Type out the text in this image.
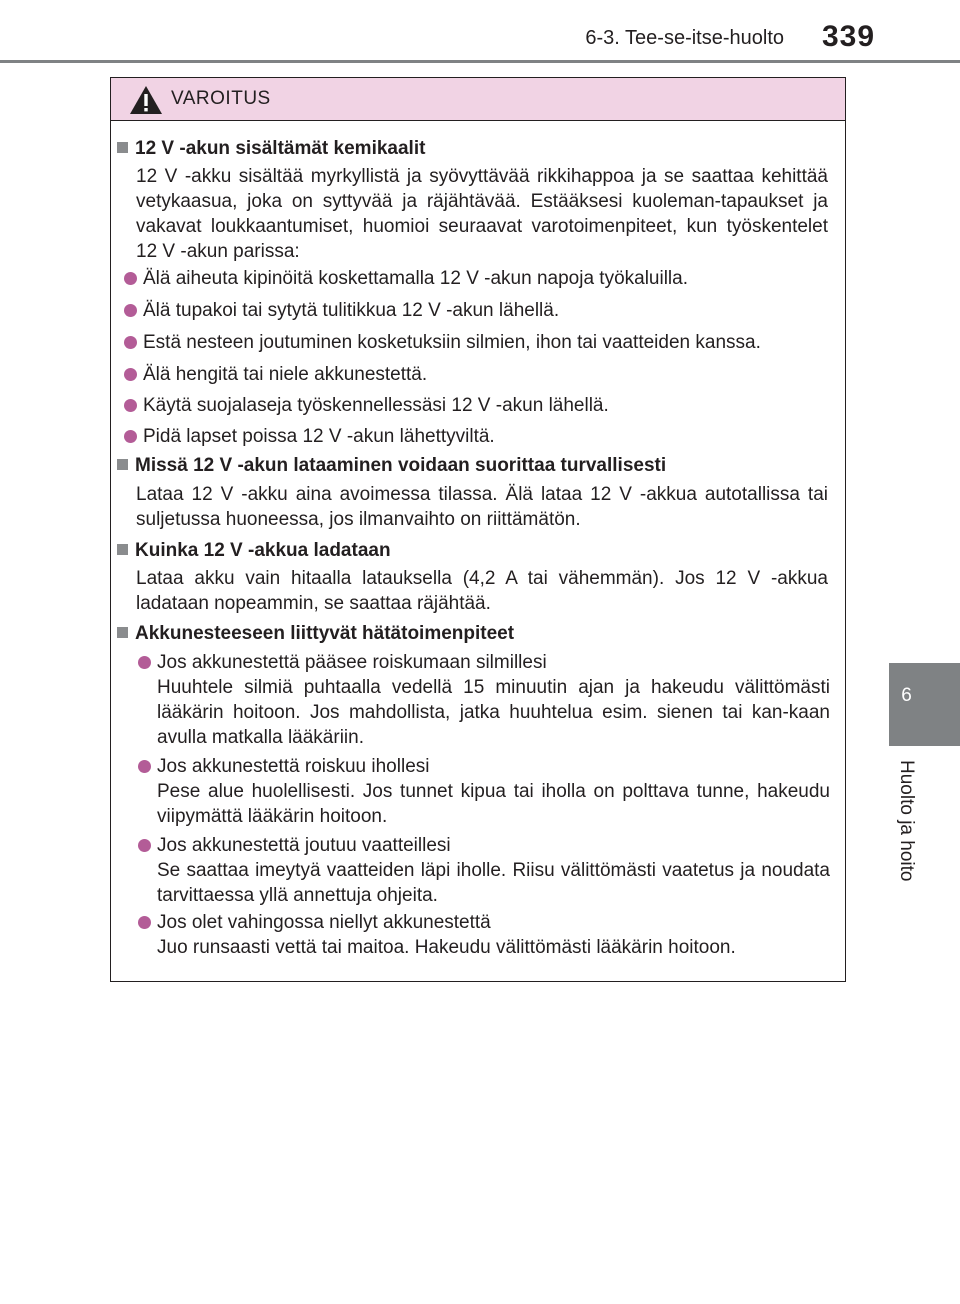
6-3. Tee-se-itse-huolto 339
6
Huolto ja hoito
VAROITUS
12 V -akun sisältämät kemikaalit
12 V -akku sisältää myrkyllistä ja syövyttävää rikkihappoa ja se saattaa kehittää vetykaasua, joka on syttyvää ja räjähtävää. Estääksesi kuoleman-tapaukset ja vakavat loukkaantumiset, huomioi seuraavat varotoimenpiteet, kun työskentelet 12 V -akun parissa:
Älä aiheuta kipinöitä koskettamalla 12 V -akun napoja työkaluilla.
Älä tupakoi tai sytytä tulitikkua 12 V -akun lähellä.
Estä nesteen joutuminen kosketuksiin silmien, ihon tai vaatteiden kanssa.
Älä hengitä tai niele akkunestettä.
Käytä suojalaseja työskennellessäsi 12 V -akun lähellä.
Pidä lapset poissa 12 V -akun lähettyviltä.
Missä 12 V -akun lataaminen voidaan suorittaa turvallisesti
Lataa 12 V -akku aina avoimessa tilassa. Älä lataa 12 V -akkua autotallissa tai suljetussa huoneessa, jos ilmanvaihto on riittämätön.
Kuinka 12 V -akkua ladataan
Lataa akku vain hitaalla latauksella (4,2 A tai vähemmän). Jos 12 V -akkua ladataan nopeammin, se saattaa räjähtää.
Akkunesteeseen liittyvät hätätoimenpiteet
Jos akkunestettä pääsee roiskumaan silmillesi
Huuhtele silmiä puhtaalla vedellä 15 minuutin ajan ja hakeudu välittömästi lääkärin hoitoon. Jos mahdollista, jatka huuhtelua esim. sienen tai kan-kaan avulla matkalla lääkäriin.
Jos akkunestettä roiskuu ihollesi
Pese alue huolellisesti. Jos tunnet kipua tai iholla on polttava tunne, hakeudu viipymättä lääkärin hoitoon.
Jos akkunestettä joutuu vaatteillesi
Se saattaa imeytyä vaatteiden läpi iholle. Riisu välittömästi vaatetus ja noudata tarvittaessa yllä annettuja ohjeita.
Jos olet vahingossa niellyt akkunestettä
Juo runsaasti vettä tai maitoa. Hakeudu välittömästi lääkärin hoitoon.
